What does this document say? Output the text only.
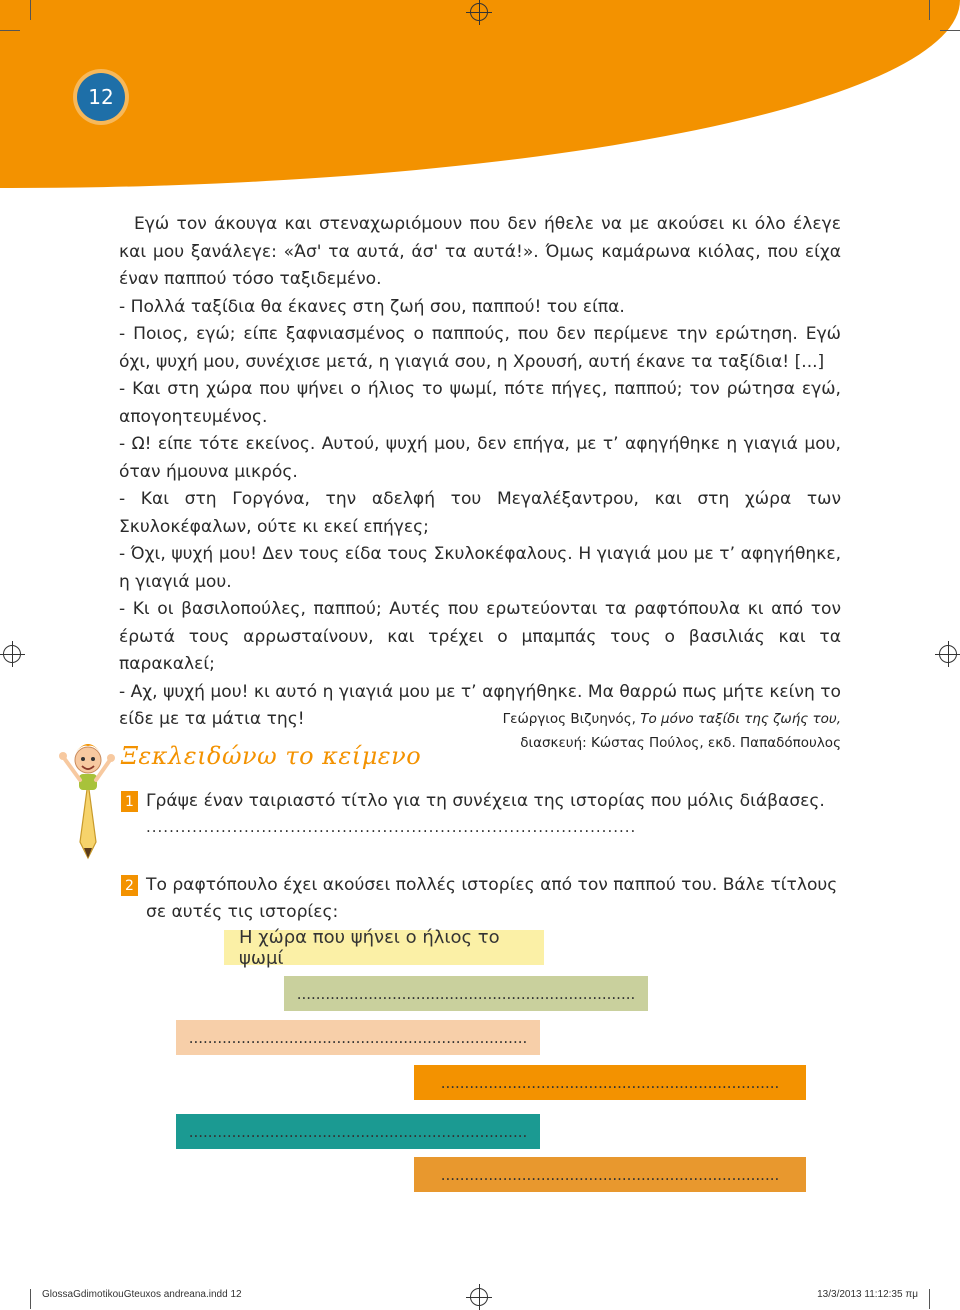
12

Εγώ τον άκουγα και στεναχωριόμουν που δεν ήθελε να με ακούσει κι όλο έλεγε και μου ξανάλεγε: «Άσ' τα αυτά, άσ' τα αυτά!». Όμως καμάρωνα κιόλας, που είχα έναν παππού τόσο ταξιδεμένο.

- Πολλά ταξίδια θα έκανες στη ζωή σου, παππού! του είπα.

- Ποιος, εγώ; είπε ξαφνιασμένος ο παππούς, που δεν περίμενε την ερώτηση. Εγώ όχι, ψυχή μου, συνέχισε μετά, η γιαγιά σου, η Χρουσή, αυτή έκανε τα ταξίδια! [...]

- Και στη χώρα που ψήνει ο ήλιος το ψωμί, πότε πήγες, παππού; τον ρώτησα εγώ, απογοητευμένος.

- Ω! είπε τότε εκείνος. Αυτού, ψυχή μου, δεν επήγα, με τ’ αφηγήθηκε η γιαγιά μου, όταν ήμουνα μικρός.

- Και στη Γοργόνα, την αδελφή του Μεγαλέξαντρου, και στη χώρα των Σκυλοκέφαλων, ούτε κι εκεί επήγες;

- Όχι, ψυχή μου! Δεν τους είδα τους Σκυλοκέφαλους. Η γιαγιά μου με τ’ αφηγήθηκε, η γιαγιά μου.

- Κι οι βασιλοπούλες, παππού; Αυτές που ερωτεύονται τα ραφτόπουλα κι από τον έρωτά τους αρρωσταίνουν, και τρέχει ο μπαμπάς τους ο βασιλιάς και τα παρακαλεί;

- Αχ, ψυχή μου! κι αυτό η γιαγιά μου με τ’ αφηγήθηκε. Μα θαρρώ πως μήτε κείνη το είδε με τα μάτια της!	Γεώργιος Βιζυηνός, Το μόνο ταξίδι της ζωής του,
διασκευή: Κώστας Πούλος, εκδ. Παπαδόπουλος
Ξεκλειδώνω το κείμενο
1 Γράψε έναν ταιριαστό τίτλο για τη συνέχεια της ιστορίας που μόλις διάβασες.
.....................................................................................
2 Το ραφτόπουλο έχει ακούσει πολλές ιστορίες από τον παππού του. Βάλε τίτλους σε αυτές τις ιστορίες:
Η χώρα που ψήνει ο ήλιος το ψωμί
.......................................................................
.......................................................................
.......................................................................
.......................................................................
.......................................................................
GlossaGdimotikouGteuxos andreana.indd 12	13/3/2013 11:12:35 πμ
